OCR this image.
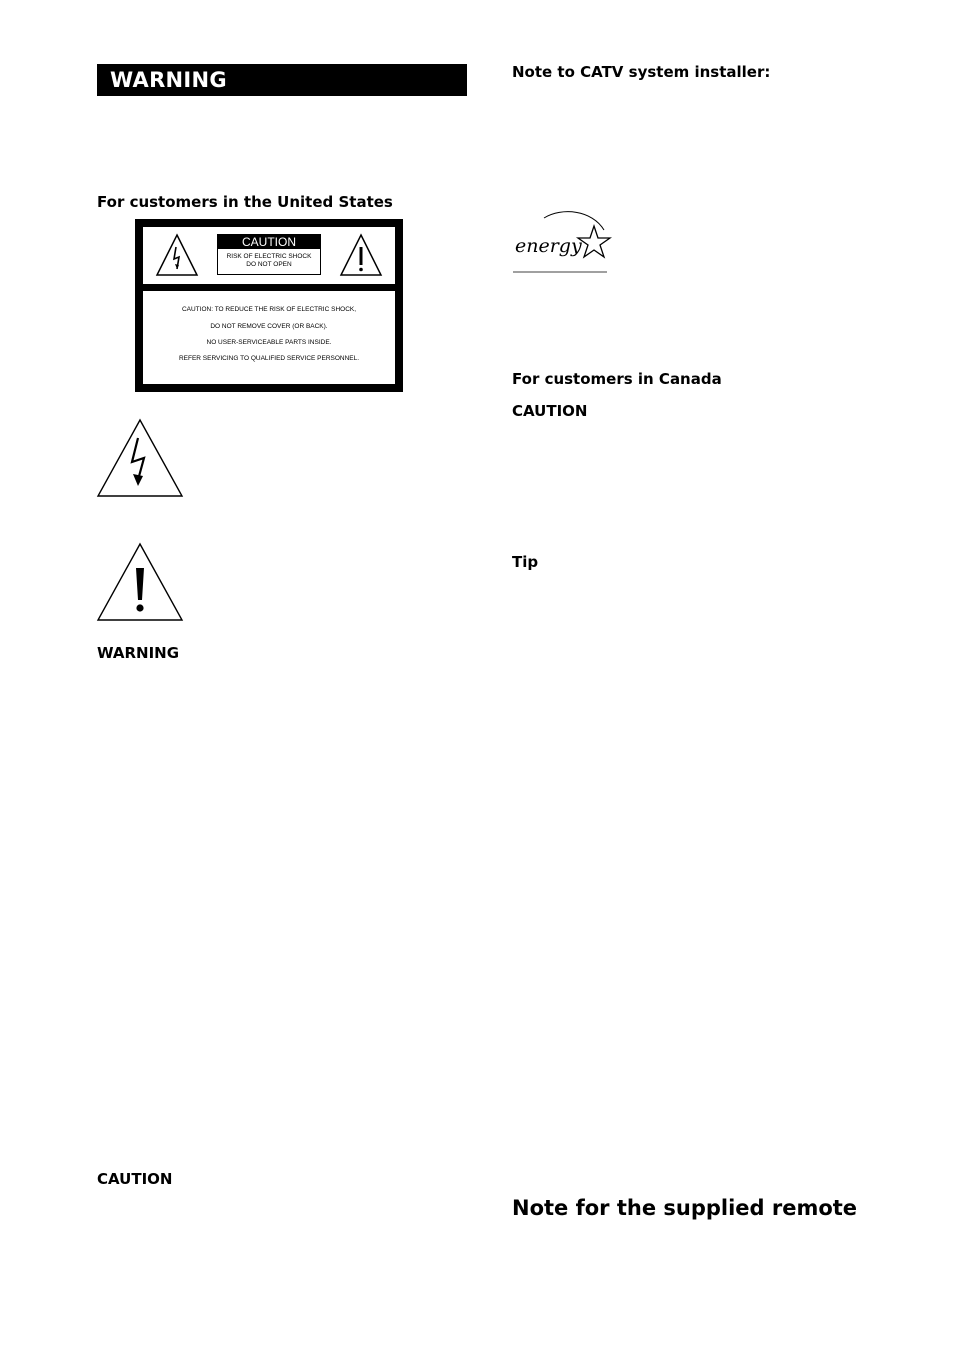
WARNING
For customers in the United States
CAUTION
RISK OF ELECTRIC SHOCK
DO NOT OPEN
CAUTION: TO REDUCE THE RISK OF ELECTRIC SHOCK,
DO NOT REMOVE COVER (OR BACK).
NO USER-SERVICEABLE PARTS INSIDE.
REFER SERVICING TO QUALIFIED SERVICE PERSONNEL.
WARNING
CAUTION
Note to CATV system installer:
energy
For customers in Canada
CAUTION
Tip
Note for the supplied remote
